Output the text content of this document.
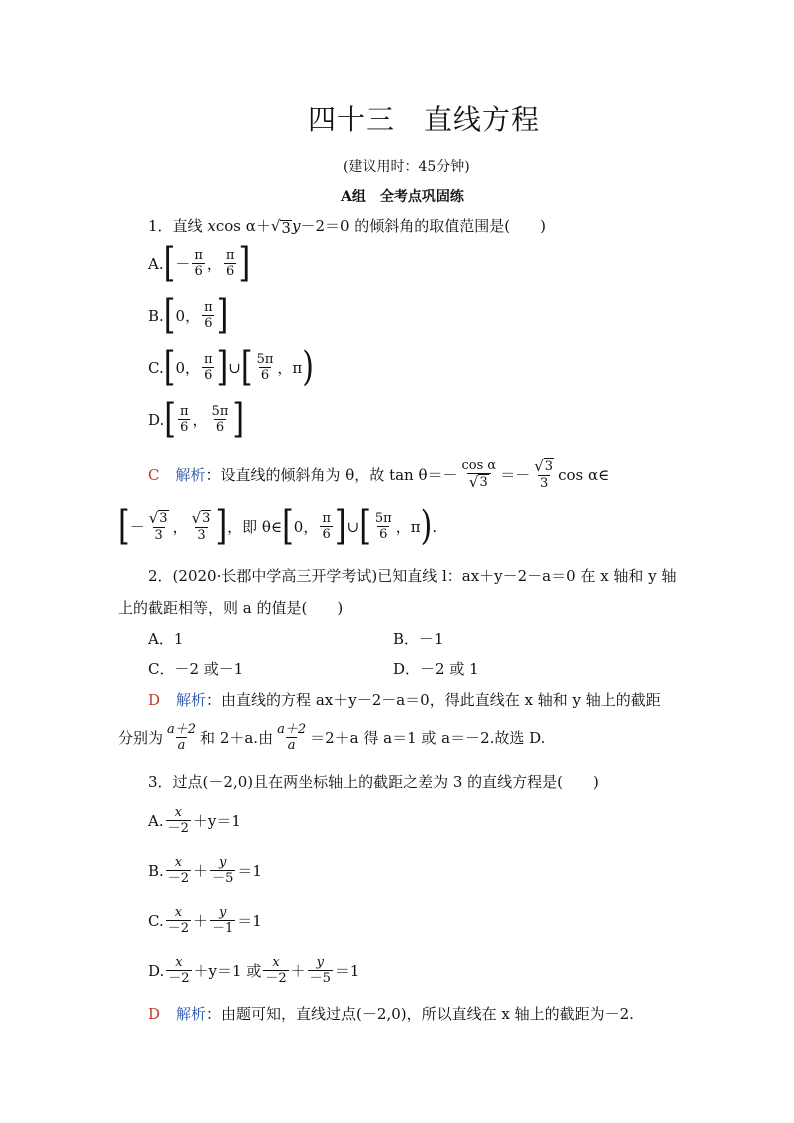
四十三　直线方程
(建议用时：45分钟)
A组　全考点巩固练
1．直线 xcos α＋ √ 3 y－2＝0 的倾斜角的取值范围是(　　)
A. [ － $\frac{\pi}{6}$ ， $\frac{\pi}{6}$ ]
B. [ 0 ， $\frac{\pi}{6}$ ]
C. [ 0 ， $\frac{\pi}{6}$ ] ∪ [ $\frac{5\pi}{6}$ ， π )
D. [ $\frac{\pi}{6}$ ， $\frac{5\pi}{6}$ ]
C 解析 ：设直线的倾斜角为 θ，故 $\tan \theta=- \frac{\text{cos α}}{√ 3} =- \frac{√ 3}{3}$ cos α∈
[ － $\frac{√ 3}{3}$ ， $\frac{√ 3}{3}$ ] ，即 θ∈ [ 0 ， $\frac{\pi}{6}$ ] ∪ [ $\frac{5\pi}{6}$ ， π ) .
2．(2020·长郡中学高三开学考试)已知直线 l：ax＋y－2－a＝0 在 x 轴和 y 轴
上的截距相等，则 a 的值是(　　)
A．1	B．－1
C．－2 或－1	D．－2 或 1
D 解析：由直线的方程 ax＋y－2－a＝0，得此直线在 x 轴和 y 轴上的截距
分别为 $\frac{a+2}{a}$ 和 2＋a.由 $\frac{a+2}{a} =2+a$ 得 a＝1 或 a＝－2.故选 D.
3．过点(－2,0)且在两坐标轴上的截距之差为 3 的直线方程是(　　)
A. $\frac{x}{-2} +y=1$
B. $\frac{x}{-2} + \frac{y}{-5} =1$
C. $\frac{x}{-2} + \frac{y}{-1} =1$
D. $\frac{x}{-2} +y=1$ 或 $\frac{x}{-2} + \frac{y}{-5} =1$
D 解析：由题可知，直线过点(－2,0)，所以直线在 x 轴上的截距为－2.
